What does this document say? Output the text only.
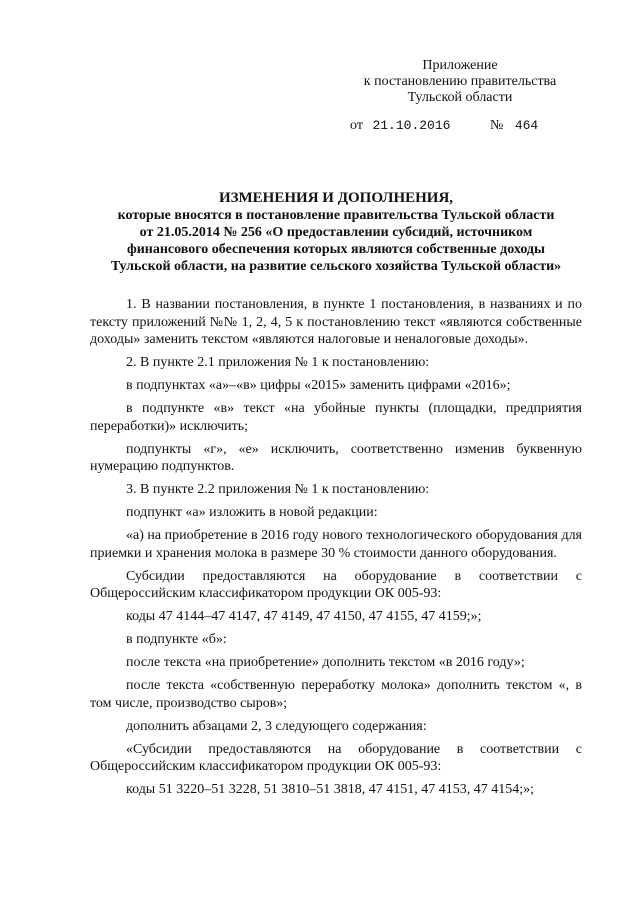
Приложение
к постановлению правительства
Тульской области
от 21.10.2016	№ 464
ИЗМЕНЕНИЯ И ДОПОЛНЕНИЯ,
которые вносятся в постановление правительства Тульской области
от 21.05.2014 № 256 «О предоставлении субсидий, источником
финансового обеспечения которых являются собственные доходы
Тульской области, на развитие сельского хозяйства Тульской области»

1. В названии постановления, в пункте 1 постановления, в названиях и по тексту приложений №№ 1, 2, 4, 5 к постановлению текст «являются собственные доходы» заменить текстом «являются налоговые и неналоговые доходы».

2. В пункте 2.1 приложения № 1 к постановлению:

в подпунктах «а»–«в» цифры «2015» заменить цифрами «2016»;

в подпункте «в» текст «на убойные пункты (площадки, предприятия переработки)» исключить;

подпункты «г», «е» исключить, соответственно изменив буквенную нумерацию подпунктов.

3. В пункте 2.2 приложения № 1 к постановлению:

подпункт «а» изложить в новой редакции:

«а) на приобретение в 2016 году нового технологического оборудования для приемки и хранения молока в размере 30 % стоимости данного оборудования.

Субсидии предоставляются на оборудование в соответствии с Общероссийским классификатором продукции ОК 005-93:

коды 47 4144–47 4147, 47 4149, 47 4150, 47 4155, 47 4159;»;

в подпункте «б»:

после текста «на приобретение» дополнить текстом «в 2016 году»;

после текста «собственную переработку молока» дополнить текстом «, в том числе, производство сыров»;

дополнить абзацами 2, 3 следующего содержания:

«Субсидии предоставляются на оборудование в соответствии с Общероссийским классификатором продукции ОК 005-93:

коды 51 3220–51 3228, 51 3810–51 3818, 47 4151, 47 4153, 47 4154;»;
